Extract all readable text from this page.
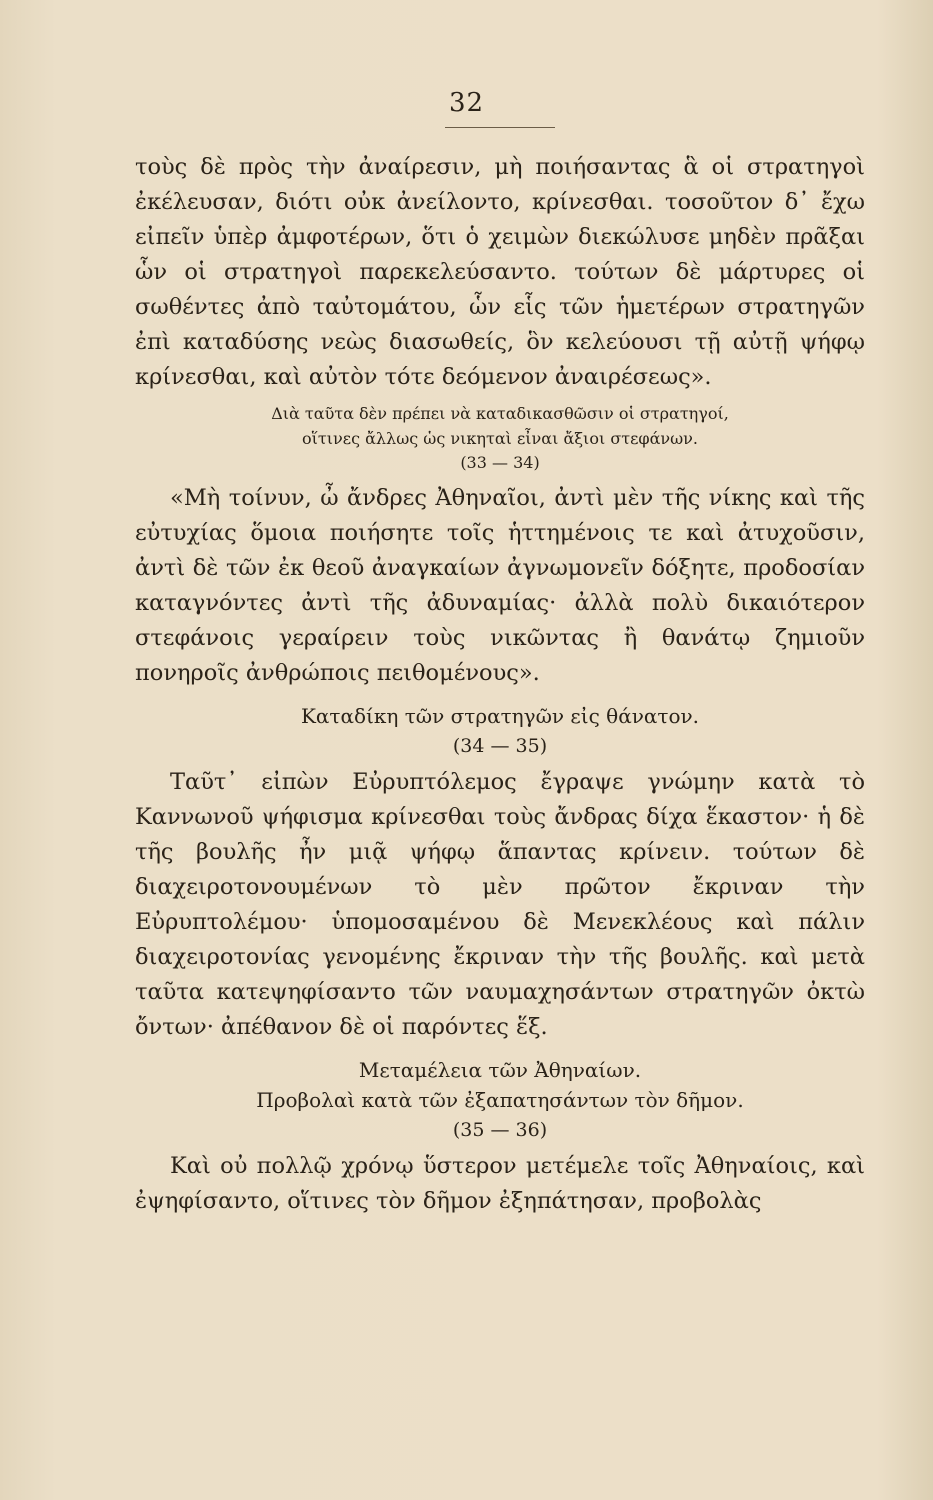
32

τοὺς δὲ πρὸς τὴν ἀναίρεσιν, μὴ ποιήσαντας ἃ οἱ στρατηγοὶ ἐκέλευσαν, διότι οὐκ ἀνείλοντο, κρίνεσθαι. τοσοῦτον δ᾽ ἔχω εἰπεῖν ὑπὲρ ἀμφοτέρων, ὅτι ὁ χειμὼν διεκώλυσε μηδὲν πρᾶξαι ὧν οἱ στρατηγοὶ παρεκελεύσαντο. τούτων δὲ μάρτυρες οἱ σωθέντες ἀπὸ ταὐτομάτου, ὧν εἷς τῶν ἡμετέρων στρατηγῶν ἐπὶ καταδύσης νεὼς διασωθείς, ὃν κελεύουσι τῇ αὐτῇ ψήφῳ κρίνεσθαι, καὶ αὐτὸν τότε δεόμενον ἀναιρέσεως».

Διὰ ταῦτα δὲν πρέπει νὰ καταδικασθῶσιν οἱ στρατηγοί,
οἵτινες ἄλλως ὡς νικηταὶ εἶναι ἄξιοι στεφάνων.
(33 — 34)

«Μὴ τοίνυν, ὦ ἄνδρες Ἀθηναῖοι, ἀντὶ μὲν τῆς νίκης καὶ τῆς εὐτυχίας ὅμοια ποιήσητε τοῖς ἡττημένοις τε καὶ ἀτυχοῦσιν, ἀντὶ δὲ τῶν ἐκ θεοῦ ἀναγκαίων ἀγνωμονεῖν δόξητε, προδοσίαν καταγνόντες ἀντὶ τῆς ἀδυναμίας· ἀλλὰ πολὺ δικαιότερον στεφάνοις γεραίρειν τοὺς νικῶντας ἢ θανάτῳ ζημιοῦν πονηροῖς ἀνθρώποις πειθομένους».

Καταδίκη τῶν στρατηγῶν εἰς θάνατον.
(34 — 35)

Ταῦτ᾽ εἰπὼν Εὐρυπτόλεμος ἔγραψε γνώμην κατὰ τὸ Καννωνοῦ ψήφισμα κρίνεσθαι τοὺς ἄνδρας δίχα ἕκαστον· ἡ δὲ τῆς βουλῆς ἦν μιᾷ ψήφῳ ἅπαντας κρίνειν. τούτων δὲ διαχειροτονουμένων τὸ μὲν πρῶτον ἔκριναν τὴν Εὐρυπτολέμου· ὑπομοσαμένου δὲ Μενεκλέους καὶ πάλιν διαχειροτονίας γενομένης ἔκριναν τὴν τῆς βουλῆς. καὶ μετὰ ταῦτα κατεψηφίσαντο τῶν ναυμαχησάντων στρατηγῶν ὀκτὼ ὄντων· ἀπέθανον δὲ οἱ παρόντες ἕξ.

Μεταμέλεια τῶν Ἀθηναίων.
Προβολαὶ κατὰ τῶν ἐξαπατησάντων τὸν δῆμον.
(35 — 36)

Καὶ οὐ πολλῷ χρόνῳ ὕστερον μετέμελε τοῖς Ἀθηναίοις, καὶ ἐψηφίσαντο, οἵτινες τὸν δῆμον ἐξηπάτησαν, προβολὰς
